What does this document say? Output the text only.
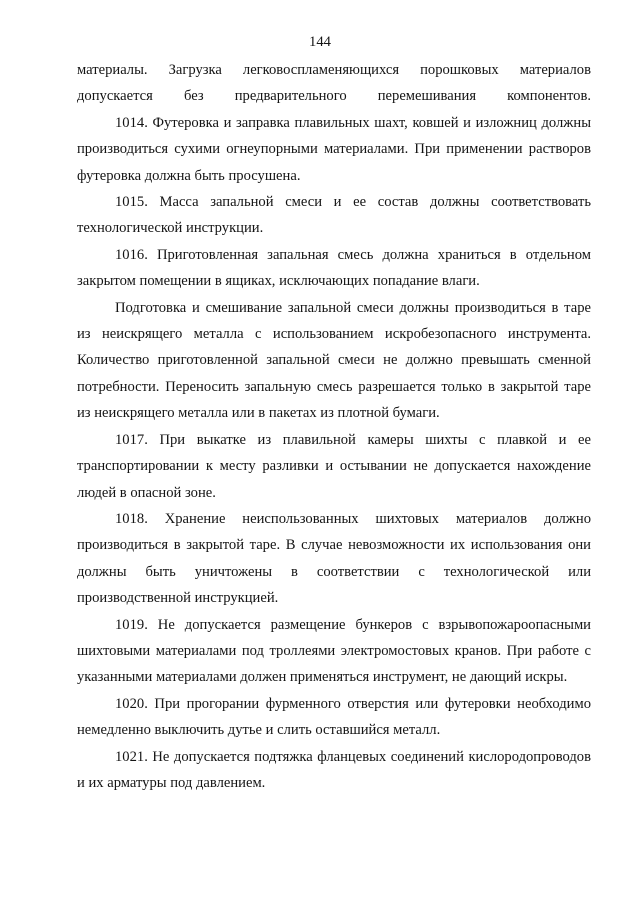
144

материалы. Загрузка легковоспламеняющихся порошковых материалов допускается без предварительного перемешивания компонентов.

1014. Футеровка и заправка плавильных шахт, ковшей и изложниц должны производиться сухими огнеупорными материалами. При применении растворов футеровка должна быть просушена.

1015. Масса запальной смеси и ее состав должны соответствовать технологической инструкции.

1016. Приготовленная запальная смесь должна храниться в отдельном закрытом помещении в ящиках, исключающих попадание влаги.

Подготовка и смешивание запальной смеси должны производиться в таре из неискрящего металла с использованием искробезопасного инструмента. Количество приготовленной запальной смеси не должно превышать сменной потребности. Переносить запальную смесь разрешается только в закрытой таре из неискрящего металла или в пакетах из плотной бумаги.

1017. При выкатке из плавильной камеры шихты с плавкой и ее транспортировании к месту разливки и остывании не допускается нахождение людей в опасной зоне.

1018. Хранение неиспользованных шихтовых материалов должно производиться в закрытой таре. В случае невозможности их использования они должны быть уничтожены в соответствии с технологической или производственной инструкцией.

1019. Не допускается размещение бункеров с взрывопожароопасными шихтовыми материалами под троллеями электромостовых кранов. При работе с указанными материалами должен применяться инструмент, не дающий искры.

1020. При прогорании фурменного отверстия или футеровки необходимо немедленно выключить дутье и слить оставшийся металл.

1021. Не допускается подтяжка фланцевых соединений кислородопроводов и их арматуры под давлением.
